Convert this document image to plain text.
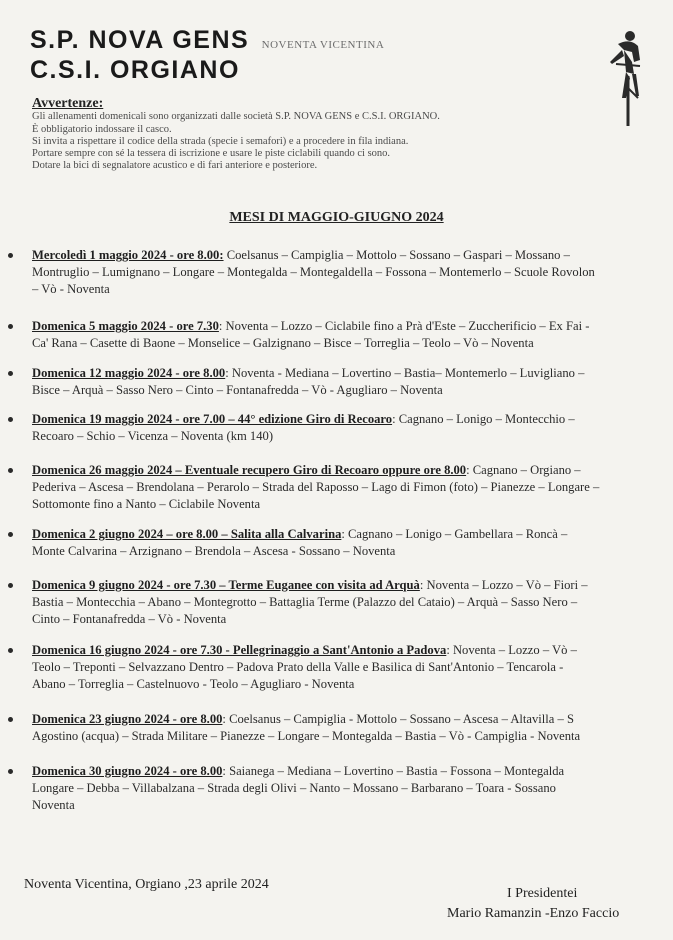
S.P. NOVA GENS NOVENTA VICENTINA
C.S.I. ORGIANO
Avvertenze:
Gli allenamenti domenicali sono organizzati dalle società S.P. NOVA GENS e C.S.I. ORGIANO.
È obbligatorio indossare il casco.
Si invita a rispettare il codice della strada (specie i semafori) e a procedere in fila indiana.
Portare sempre con sé la tessera di iscrizione e usare le piste ciclabili quando ci sono.
Dotare la bici di segnalatore acustico e di fari anteriore e posteriore.
MESI DI MAGGIO-GIUGNO 2024

Mercoledì 1 maggio 2024 - ore 8.00: Coelsanus – Campiglia – Mottolo – Sossano – Gaspari – Mossano –

Montruglio – Lumignano – Longare – Montegalda – Montegaldella – Fossona – Montemerlo – Scuole Rovolon

– Vò - Noventa

Domenica 5 maggio 2024 - ore 7.30: Noventa – Lozzo – Ciclabile fino a Prà d'Este – Zuccherificio – Ex Fai -

Ca' Rana – Casette di Baone – Monselice – Galzignano – Bisce – Torreglia – Teolo – Vò – Noventa

Domenica 12 maggio 2024 - ore 8.00: Noventa - Mediana – Lovertino – Bastia– Montemerlo – Luvigliano –

Bisce – Arquà – Sasso Nero – Cinto – Fontanafredda – Vò - Agugliaro – Noventa

Domenica 19 maggio 2024 - ore 7.00 – 44° edizione Giro di Recoaro: Cagnano – Lonigo – Montecchio –

Recoaro – Schio – Vicenza – Noventa (km 140)

Domenica 26 maggio 2024 – Eventuale recupero Giro di Recoaro oppure ore 8.00: Cagnano – Orgiano –

Pederiva – Ascesa – Brendolana – Perarolo – Strada del Raposso – Lago di Fimon (foto) – Pianezze – Longare –

Sottomonte fino a Nanto – Ciclabile Noventa

Domenica 2 giugno 2024 – ore 8.00 – Salita alla Calvarina: Cagnano – Lonigo – Gambellara – Roncà –

Monte Calvarina – Arzignano – Brendola – Ascesa - Sossano – Noventa

Domenica 9 giugno 2024 - ore 7.30 – Terme Euganee con visita ad Arquà: Noventa – Lozzo – Vò – Fiori –

Bastia – Montecchia – Abano – Montegrotto – Battaglia Terme (Palazzo del Cataio) – Arquà – Sasso Nero –

Cinto – Fontanafredda – Vò - Noventa

Domenica 16 giugno 2024 - ore 7.30 - Pellegrinaggio a Sant'Antonio a Padova: Noventa – Lozzo – Vò –

Teolo – Treponti – Selvazzano Dentro – Padova Prato della Valle e Basilica di Sant'Antonio – Tencarola -

Abano – Torreglia – Castelnuovo - Teolo – Agugliaro - Noventa

Domenica 23 giugno 2024 - ore 8.00: Coelsanus – Campiglia - Mottolo – Sossano – Ascesa – Altavilla – S

Agostino (acqua) – Strada Militare – Pianezze – Longare – Montegalda – Bastia – Vò - Campiglia - Noventa

Domenica 30 giugno 2024 - ore 8.00: Saianega – Mediana – Lovertino – Bastia – Fossona – Montegalda

Longare – Debba – Villabalzana – Strada degli Olivi – Nanto – Mossano – Barbarano – Toara - Sossano

Noventa

Noventa Vicentina, Orgiano ,23 aprile 2024
I Presidentei
Mario Ramanzin -Enzo Faccio
